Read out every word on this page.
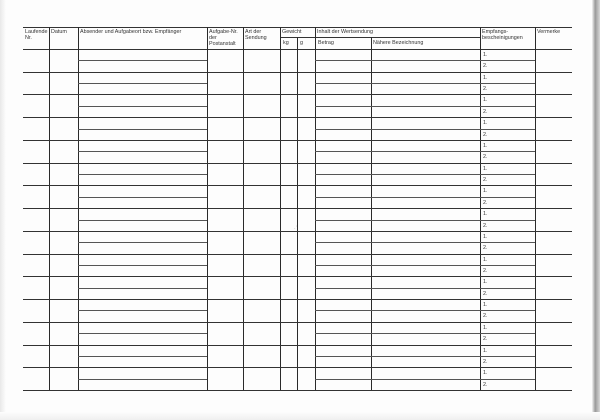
Laufende
Nr.
Datum Absender und Aufgabeort bzw. Empfänger	Aufgabe-Nr.
der
Postanstalt
Art der
Sendung
Gewicht
kg g
Inhalt der Wertsendung
Betrag	Nähere Bezeichnung
Empfangs-
bescheinigungen
Vermerke
1.
2.
1.
2.
1.
2.
1.
2.
1.
2.
1.
2.
1.
2.
1.
2.
1.
2.
1.
2.
1.
2.
1.
2.
1.
2.
1.
2.
1.
2.
·ˊ
